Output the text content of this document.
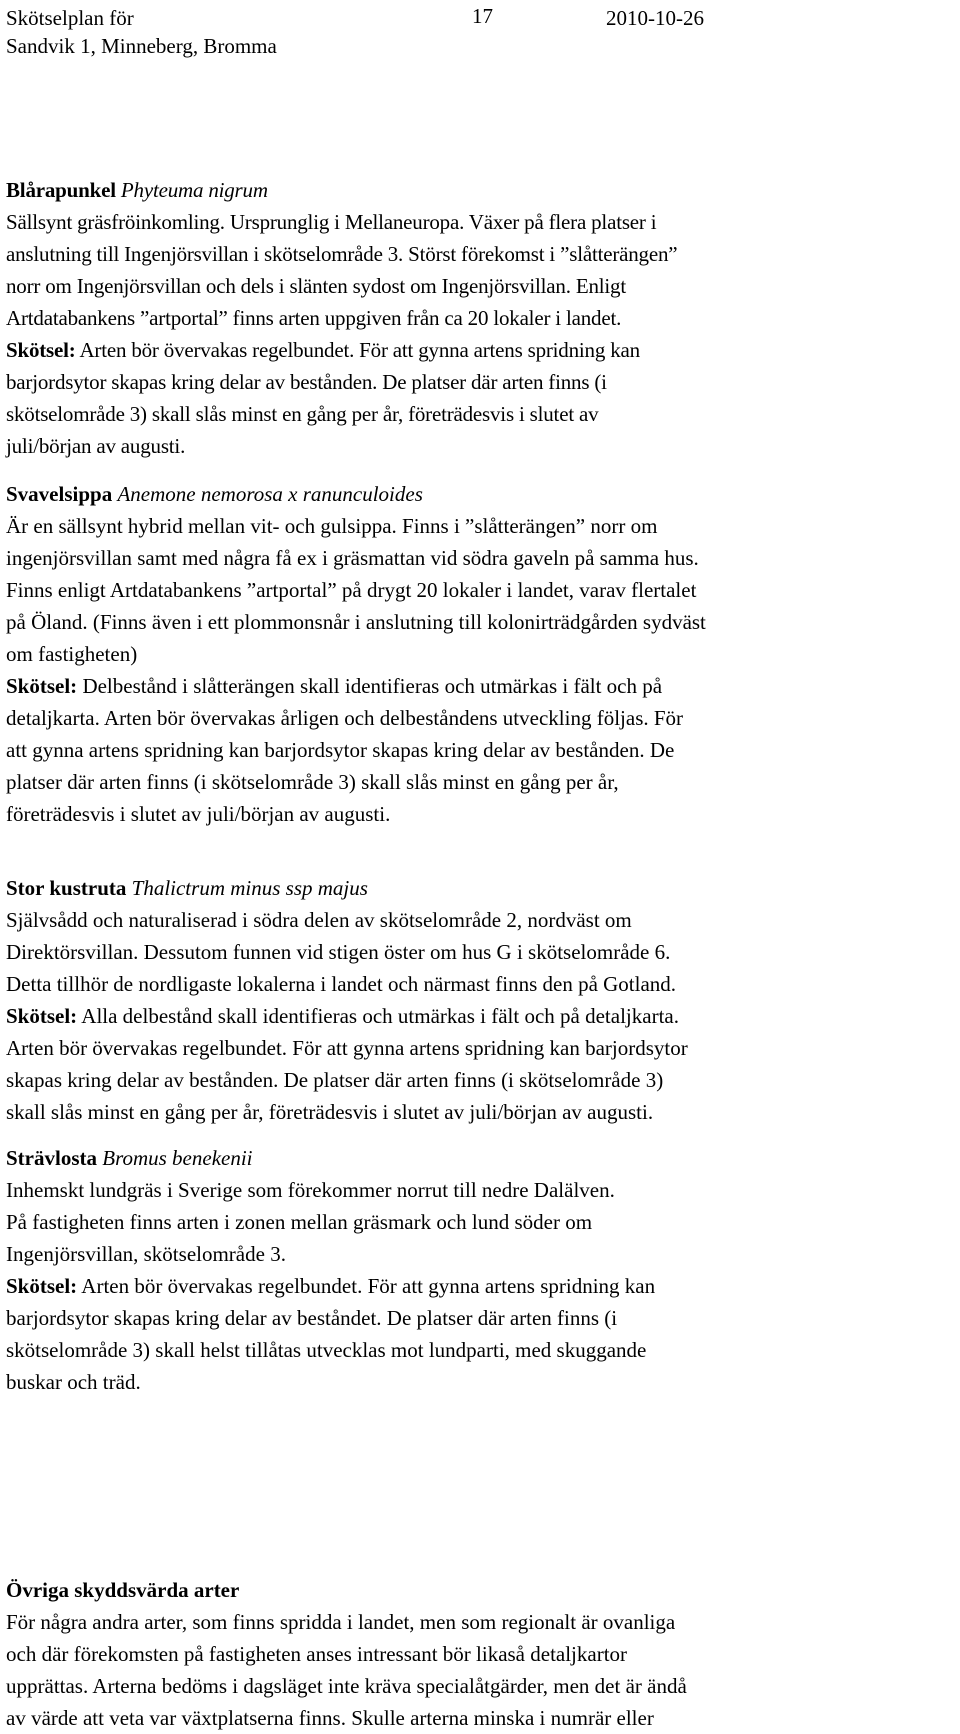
Skötselplan för
Sandvik 1, Minneberg, Bromma
17	2010-10-26
Blårapunkel Phyteuma nigrum
Sällsynt gräsfröinkomling. Ursprunglig i Mellaneuropa. Växer på flera platser i
anslutning till Ingenjörsvillan i skötselområde 3. Störst förekomst i ”slåtterängen”
norr om Ingenjörsvillan och dels i slänten sydost om Ingenjörsvillan. Enligt
Artdatabankens ”artportal” finns arten uppgiven från ca 20 lokaler i landet.
Skötsel: Arten bör övervakas regelbundet. För att gynna artens spridning kan
barjordsytor skapas kring delar av bestånden. De platser där arten finns (i
skötselområde 3) skall slås minst en gång per år, företrädesvis i slutet av
juli/början av augusti.
Svavelsippa Anemone nemorosa x ranunculoides
Är en sällsynt hybrid mellan vit- och gulsippa. Finns i ”slåtterängen” norr om
ingenjörsvillan samt med några få ex i gräsmattan vid södra gaveln på samma hus.
Finns enligt Artdatabankens ”artportal” på drygt 20 lokaler i landet, varav flertalet
på Öland. (Finns även i ett plommonsnår i anslutning till kolonirträdgården sydväst
om fastigheten)
Skötsel: Delbestånd i slåtterängen skall identifieras och utmärkas i fält och på
detaljkarta. Arten bör övervakas årligen och delbeståndens utveckling följas. För
att gynna artens spridning kan barjordsytor skapas kring delar av bestånden. De
platser där arten finns (i skötselområde 3) skall slås minst en gång per år,
företrädesvis i slutet av juli/början av augusti.
Stor kustruta Thalictrum minus ssp majus
Självsådd och naturaliserad i södra delen av skötselområde 2, nordväst om
Direktörsvillan. Dessutom funnen vid stigen öster om hus G i skötselområde 6.
Detta tillhör de nordligaste lokalerna i landet och närmast finns den på Gotland.
Skötsel: Alla delbestånd skall identifieras och utmärkas i fält och på detaljkarta.
Arten bör övervakas regelbundet. För att gynna artens spridning kan barjordsytor
skapas kring delar av bestånden. De platser där arten finns (i skötselområde 3)
skall slås minst en gång per år, företrädesvis i slutet av juli/början av augusti.
Strävlosta Bromus benekenii
Inhemskt lundgräs i Sverige som förekommer norrut till nedre Dalälven.
På fastigheten finns arten i zonen mellan gräsmark och lund söder om
Ingenjörsvillan, skötselområde 3.
Skötsel: Arten bör övervakas regelbundet. För att gynna artens spridning kan
barjordsytor skapas kring delar av beståndet. De platser där arten finns (i
skötselområde 3) skall helst tillåtas utvecklas mot lundparti, med skuggande
buskar och träd.
Övriga skyddsvärda arter
För några andra arter, som finns spridda i landet, men som regionalt är ovanliga
och där förekomsten på fastigheten anses intressant bör likaså detaljkartor
upprättas. Arterna bedöms i dagsläget inte kräva specialåtgärder, men det är ändå
av värde att veta var växtplatserna finns. Skulle arterna minska i numrär eller
